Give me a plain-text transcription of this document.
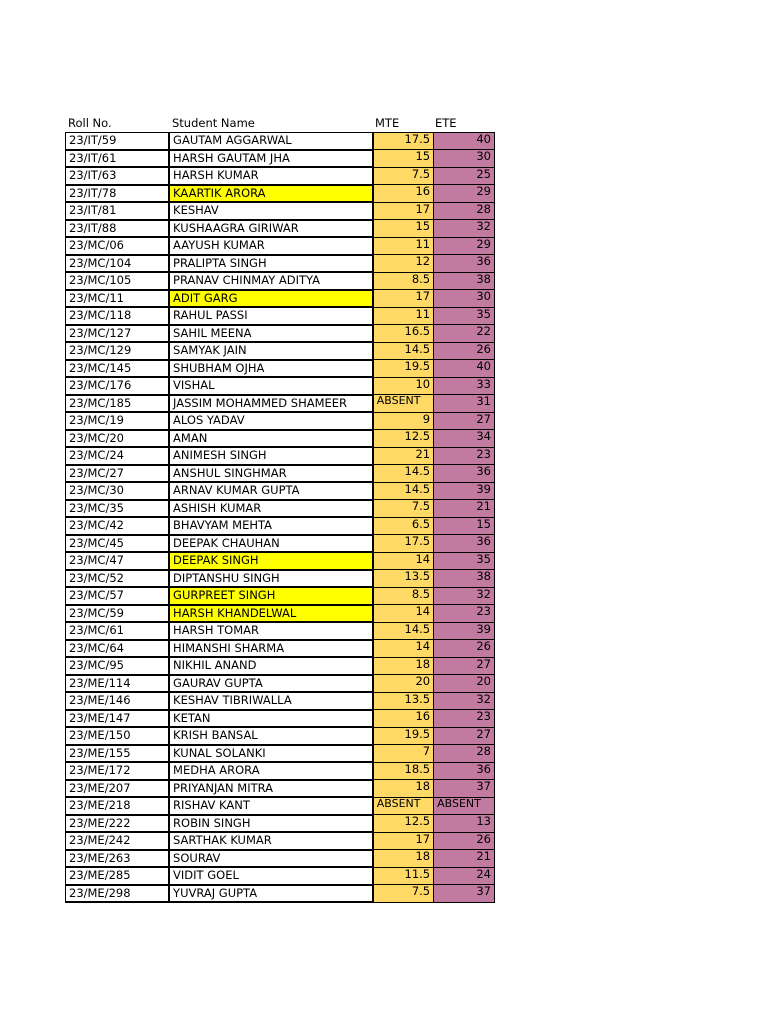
Roll No.	Student Name	MTE	ETE
23/IT/59	GAUTAM AGGARWAL	17.5	40
23/IT/61	HARSH GAUTAM JHA	15	30
23/IT/63	HARSH KUMAR	7.5	25
23/IT/78	KAARTIK ARORA	16	29
23/IT/81	KESHAV	17	28
23/IT/88	KUSHAAGRA GIRIWAR	15	32
23/MC/06	AAYUSH KUMAR	11	29
23/MC/104	PRALIPTA SINGH	12	36
23/MC/105	PRANAV CHINMAY ADITYA	8.5	38
23/MC/11	ADIT GARG	17	30
23/MC/118	RAHUL PASSI	11	35
23/MC/127	SAHIL MEENA	16.5	22
23/MC/129	SAMYAK JAIN	14.5	26
23/MC/145	SHUBHAM OJHA	19.5	40
23/MC/176	VISHAL	10	33
23/MC/185	JASSIM MOHAMMED SHAMEER	ABSENT	31
23/MC/19	ALOS YADAV	9	27
23/MC/20	AMAN	12.5	34
23/MC/24	ANIMESH SINGH	21	23
23/MC/27	ANSHUL SINGHMAR	14.5	36
23/MC/30	ARNAV KUMAR GUPTA	14.5	39
23/MC/35	ASHISH KUMAR	7.5	21
23/MC/42	BHAVYAM MEHTA	6.5	15
23/MC/45	DEEPAK CHAUHAN	17.5	36
23/MC/47	DEEPAK SINGH	14	35
23/MC/52	DIPTANSHU SINGH	13.5	38
23/MC/57	GURPREET SINGH	8.5	32
23/MC/59	HARSH KHANDELWAL	14	23
23/MC/61	HARSH TOMAR	14.5	39
23/MC/64	HIMANSHI SHARMA	14	26
23/MC/95	NIKHIL ANAND	18	27
23/ME/114	GAURAV GUPTA	20	20
23/ME/146	KESHAV TIBRIWALLA	13.5	32
23/ME/147	KETAN	16	23
23/ME/150	KRISH BANSAL	19.5	27
23/ME/155	KUNAL SOLANKI	7	28
23/ME/172	MEDHA ARORA	18.5	36
23/ME/207	PRIYANJAN MITRA	18	37
23/ME/218	RISHAV KANT	ABSENT	ABSENT
23/ME/222	ROBIN SINGH	12.5	13
23/ME/242	SARTHAK KUMAR	17	26
23/ME/263	SOURAV	18	21
23/ME/285	VIDIT GOEL	11.5	24
23/ME/298	YUVRAJ GUPTA	7.5	37
